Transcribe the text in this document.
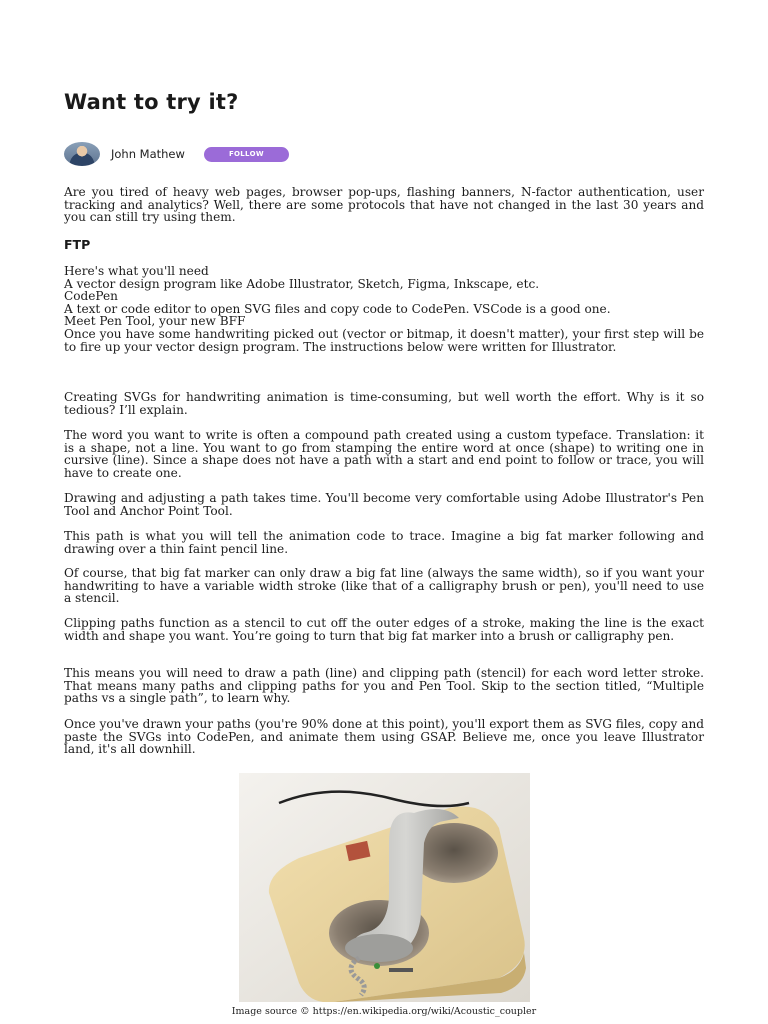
Want to try it?
John Mathew	FOLLOW

Are you tired of heavy web pages, browser pop-ups, flashing banners, N-factor authentication, user tracking and analytics? Well, there are some protocols that have not changed in the last 30 years and you can still try using them.

FTP
Here's what you'll need
A vector design program like Adobe Illustrator, Sketch, Figma, Inkscape, etc.
CodePen
A text or code editor to open SVG files and copy code to CodePen. VSCode is a good one.
Meet Pen Tool, your new BFF
Once you have some handwriting picked out (vector or bitmap, it doesn't matter), your first step will be to fire up your vector design program. The instructions below were written for Illustrator.

Creating SVGs for handwriting animation is time-consuming, but well worth the effort. Why is it so tedious? I’ll explain.

The word you want to write is often a compound path created using a custom typeface. Translation: it is a shape, not a line. You want to go from stamping the entire word at once (shape) to writing one in cursive (line). Since a shape does not have a path with a start and end point to follow or trace, you will have to create one.

Drawing and adjusting a path takes time. You'll become very comfortable using Adobe Illustrator's Pen Tool and Anchor Point Tool.

This path is what you will tell the animation code to trace. Imagine a big fat marker following and drawing over a thin faint pencil line.

Of course, that big fat marker can only draw a big fat line (always the same width), so if you want your handwriting to have a variable width stroke (like that of a calligraphy brush or pen), you'll need to use a stencil.

Clipping paths function as a stencil to cut off the outer edges of a stroke, making the line is the exact width and shape you want. You’re going to turn that big fat marker into a brush or calligraphy pen.

This means you will need to draw a path (line) and clipping path (stencil) for each word letter stroke. That means many paths and clipping paths for you and Pen Tool. Skip to the section titled, “Multiple paths vs a single path”, to learn why.

Once you've drawn your paths (you're 90% done at this point), you'll export them as SVG files, copy and paste the SVGs into CodePen, and animate them using GSAP. Believe me, once you leave Illustrator land, it's all downhill.

Image source © https://en.wikipedia.org/wiki/Acoustic_coupler
